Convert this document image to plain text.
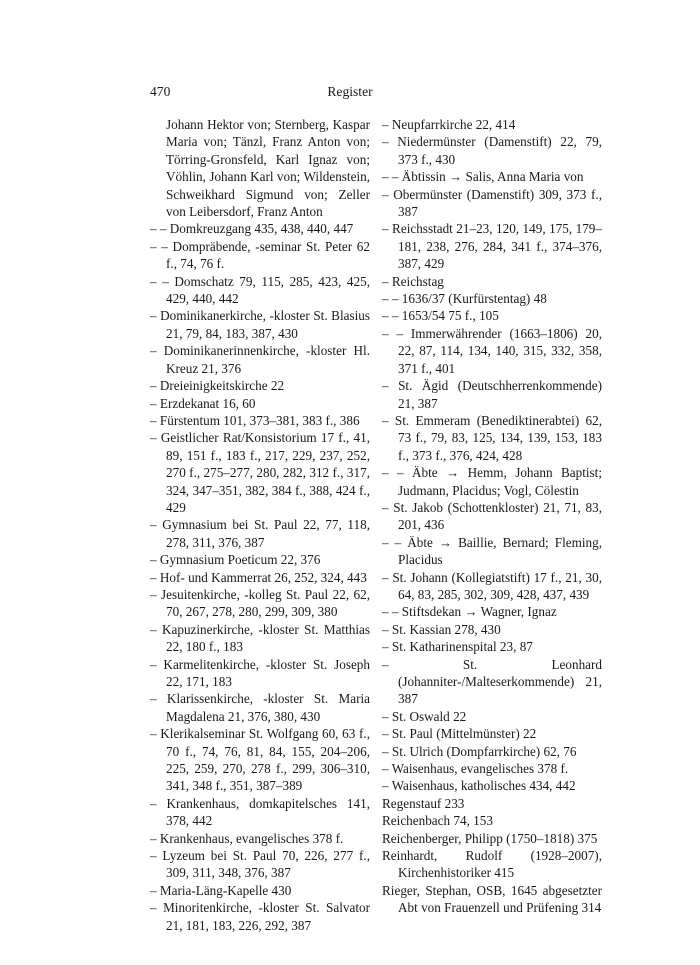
470	Register

Johann Hektor von; Sternberg, Kaspar Maria von; Tänzl, Franz Anton von; Törring-Gronsfeld, Karl Ignaz von; Vöhlin, Johann Karl von; Wildenstein, Schweikhard Sigmund von; Zeller von Leibersdorf, Franz Anton

– – Domkreuzgang 435, 438, 440, 447

– – Dompräbende, -seminar St. Peter 62 f., 74, 76 f.

– – Domschatz 79, 115, 285, 423, 425, 429, 440, 442

– Dominikanerkirche, -kloster St. Blasius 21, 79, 84, 183, 387, 430

– Dominikanerinnenkirche, -kloster Hl. Kreuz 21, 376

– Dreieinigkeitskirche 22

– Erzdekanat 16, 60

– Fürstentum 101, 373–381, 383 f., 386

– Geistlicher Rat/Konsistorium 17 f., 41, 89, 151 f., 183 f., 217, 229, 237, 252, 270 f., 275–277, 280, 282, 312 f., 317, 324, 347–351, 382, 384 f., 388, 424 f., 429

– Gymnasium bei St. Paul 22, 77, 118, 278, 311, 376, 387

– Gymnasium Poeticum 22, 376

– Hof- und Kammerrat 26, 252, 324, 443

– Jesuitenkirche, -kolleg St. Paul 22, 62, 70, 267, 278, 280, 299, 309, 380

– Kapuzinerkirche, -kloster St. Matthias 22, 180 f., 183

– Karmelitenkirche, -kloster St. Joseph 22, 171, 183

– Klarissenkirche, -kloster St. Maria Magdalena 21, 376, 380, 430

– Klerikalseminar St. Wolfgang 60, 63 f., 70 f., 74, 76, 81, 84, 155, 204–206, 225, 259, 270, 278 f., 299, 306–310, 341, 348 f., 351, 387–389

– Krankenhaus, domkapitelsches 141, 378, 442

– Krankenhaus, evangelisches 378 f.

– Lyzeum bei St. Paul 70, 226, 277 f., 309, 311, 348, 376, 387

– Maria-Läng-Kapelle 430

– Minoritenkirche, -kloster St. Salvator 21, 181, 183, 226, 292, 387

– Neupfarrkirche 22, 414

– Niedermünster (Damenstift) 22, 79, 373 f., 430

– – Äbtissin → Salis, Anna Maria von

– Obermünster (Damenstift) 309, 373 f., 387

– Reichsstadt 21–23, 120, 149, 175, 179–181, 238, 276, 284, 341 f., 374–376, 387, 429

– Reichstag

– – 1636/37 (Kurfürstentag) 48

– – 1653/54 75 f., 105

– – Immerwährender (1663–1806) 20, 22, 87, 114, 134, 140, 315, 332, 358, 371 f., 401

– St. Ägid (Deutschherrenkommende) 21, 387

– St. Emmeram (Benediktinerabtei) 62, 73 f., 79, 83, 125, 134, 139, 153, 183 f., 373 f., 376, 424, 428

– – Äbte → Hemm, Johann Baptist; Judmann, Placidus; Vogl, Cölestin

– St. Jakob (Schottenkloster) 21, 71, 83, 201, 436

– – Äbte → Baillie, Bernard; Fleming, Placidus

– St. Johann (Kollegiatstift) 17 f., 21, 30, 64, 83, 285, 302, 309, 428, 437, 439

– – Stiftsdekan → Wagner, Ignaz

– St. Kassian 278, 430

– St. Katharinenspital 23, 87

– St. Leonhard (Johanniter-/Malteserkommende) 21, 387

– St. Oswald 22

– St. Paul (Mittelmünster) 22

– St. Ulrich (Dompfarrkirche) 62, 76

– Waisenhaus, evangelisches 378 f.

– Waisenhaus, katholisches 434, 442

Regenstauf 233

Reichenbach 74, 153

Reichenberger, Philipp (1750–1818) 375

Reinhardt, Rudolf (1928–2007), Kirchenhistoriker 415

Rieger, Stephan, OSB, 1645 abgesetzter Abt von Frauenzell und Prüfening 314
